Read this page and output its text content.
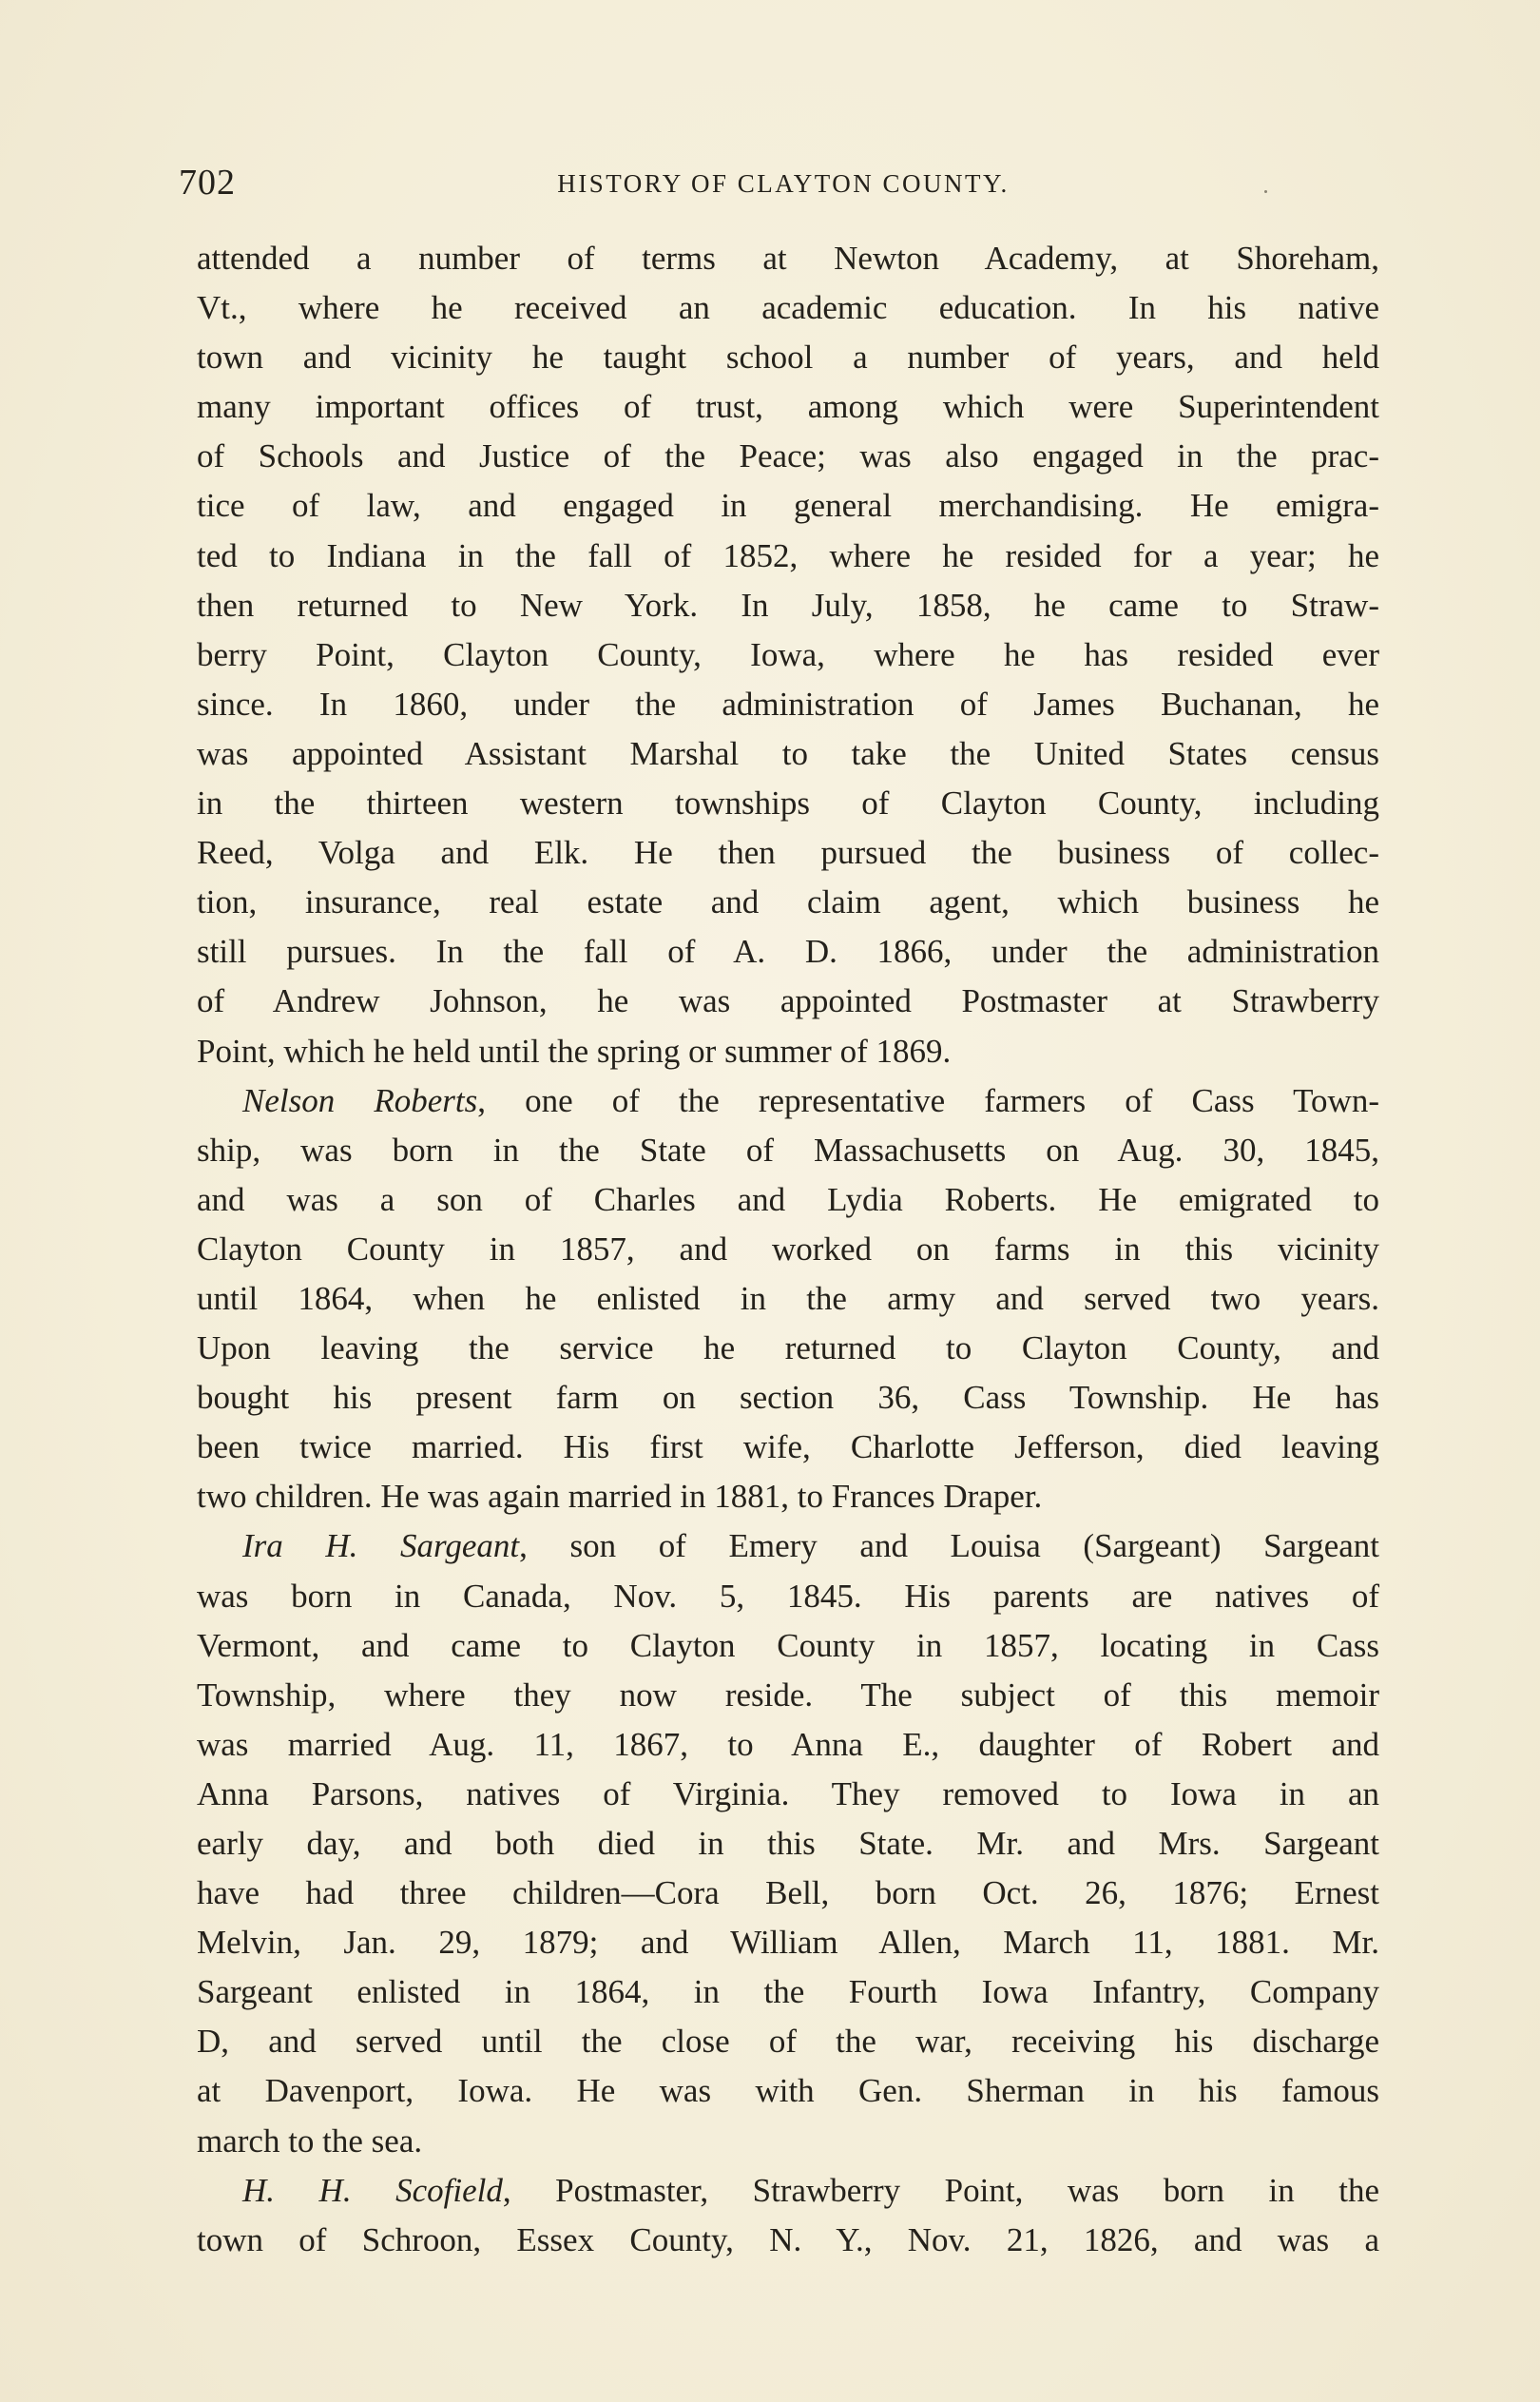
702	HISTORY OF CLAYTON COUNTY.
attended a number of terms at Newton Academy, at Shoreham,
Vt., where he received an academic education. In his native
town and vicinity he taught school a number of years, and held
many important offices of trust, among which were Superintendent
of Schools and Justice of the Peace; was also engaged in the prac-
tice of law, and engaged in general merchandising. He emigra-
ted to Indiana in the fall of 1852, where he resided for a year; he
then returned to New York. In July, 1858, he came to Straw-
berry Point, Clayton County, Iowa, where he has resided ever
since. In 1860, under the administration of James Buchanan, he
was appointed Assistant Marshal to take the United States census
in the thirteen western townships of Clayton County, including
Reed, Volga and Elk. He then pursued the business of collec-
tion, insurance, real estate and claim agent, which business he
still pursues. In the fall of A. D. 1866, under the administration
of Andrew Johnson, he was appointed Postmaster at Strawberry
Point, which he held until the spring or summer of 1869.
Nelson Roberts, one of the representative farmers of Cass Town-
ship, was born in the State of Massachusetts on Aug. 30, 1845,
and was a son of Charles and Lydia Roberts. He emigrated to
Clayton County in 1857, and worked on farms in this vicinity
until 1864, when he enlisted in the army and served two years.
Upon leaving the service he returned to Clayton County, and
bought his present farm on section 36, Cass Township. He has
been twice married. His first wife, Charlotte Jefferson, died leaving
two children. He was again married in 1881, to Frances Draper.
Ira H. Sargeant, son of Emery and Louisa (Sargeant) Sargeant
was born in Canada, Nov. 5, 1845. His parents are natives of
Vermont, and came to Clayton County in 1857, locating in Cass
Township, where they now reside. The subject of this memoir
was married Aug. 11, 1867, to Anna E., daughter of Robert and
Anna Parsons, natives of Virginia. They removed to Iowa in an
early day, and both died in this State. Mr. and Mrs. Sargeant
have had three children—Cora Bell, born Oct. 26, 1876; Ernest
Melvin, Jan. 29, 1879; and William Allen, March 11, 1881. Mr.
Sargeant enlisted in 1864, in the Fourth Iowa Infantry, Company
D, and served until the close of the war, receiving his discharge
at Davenport, Iowa. He was with Gen. Sherman in his famous
march to the sea.
H. H. Scofield, Postmaster, Strawberry Point, was born in the
town of Schroon, Essex County, N. Y., Nov. 21, 1826, and was a
